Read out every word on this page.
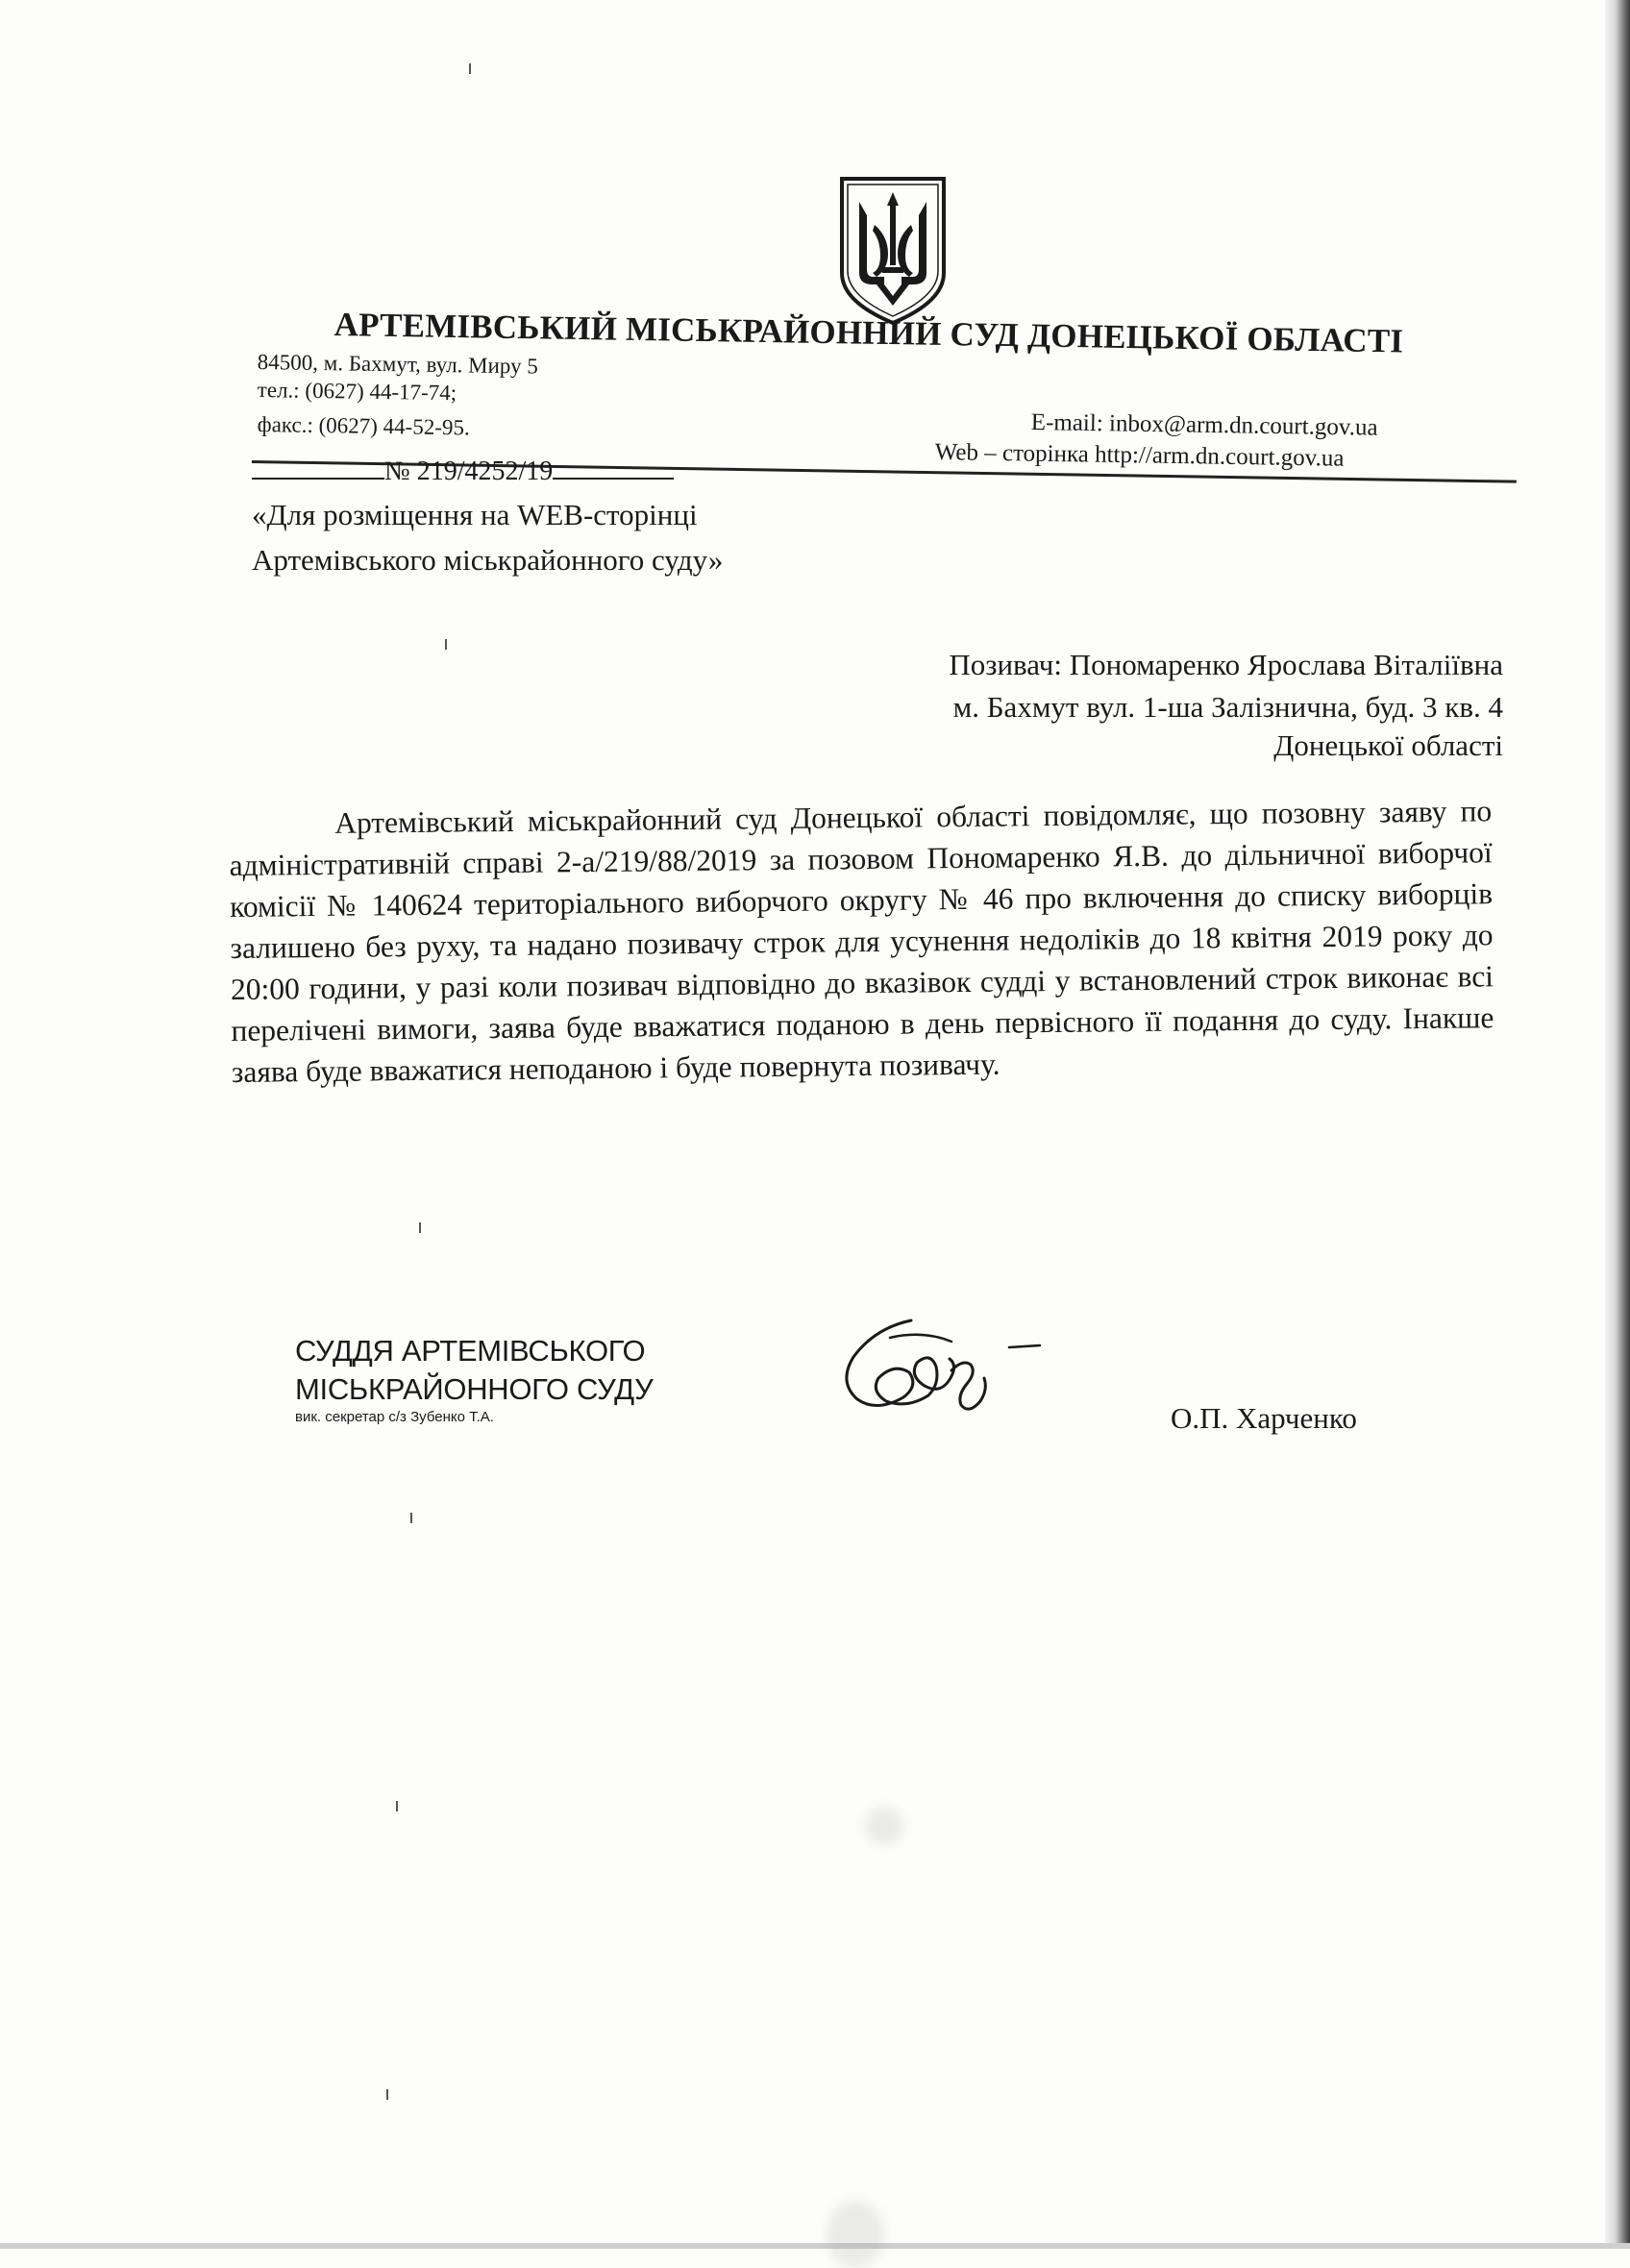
АРТЕМІВСЬКИЙ МІСЬКРАЙОННИЙ СУД ДОНЕЦЬКОЇ ОБЛАСТІ
84500, м. Бахмут, вул. Миру 5
тел.: (0627) 44-17-74;
факс.: (0627) 44-52-95.	E-mail: inbox@arm.dn.court.gov.ua
Web – сторінка http://arm.dn.court.gov.ua
№ 219/4252/19
«Для розміщення на WEB-сторінці
Артемівського міськрайонного суду»
Позивач: Пономаренко Ярослава Віталіївна
м. Бахмут вул. 1-ша Залізнична, буд. 3 кв. 4
Донецької області
Артемівський міськрайонний суд Донецької області повідомляє, що позовну заяву по адміністративній справі 2-а/219/88/2019 за позовом Пономаренко Я.В. до дільничної виборчої комісії № 140624 територіального виборчого округу № 46 про включення до списку виборців залишено без руху, та надано позивачу строк для усунення недоліків до 18 квітня 2019 року до 20:00 години, у разі коли позивач відповідно до вказівок судді у встановлений строк виконає всі перелічені вимоги, заява буде вважатися поданою в день первісного її подання до суду. Інакше заява буде вважатися неподаною і буде повернута позивачу.
СУДДЯ АРТЕМІВСЬКОГО
МІСЬКРАЙОННОГО СУДУ
вик. секретар с/з Зубенко Т.А.	О.П. Харченко
